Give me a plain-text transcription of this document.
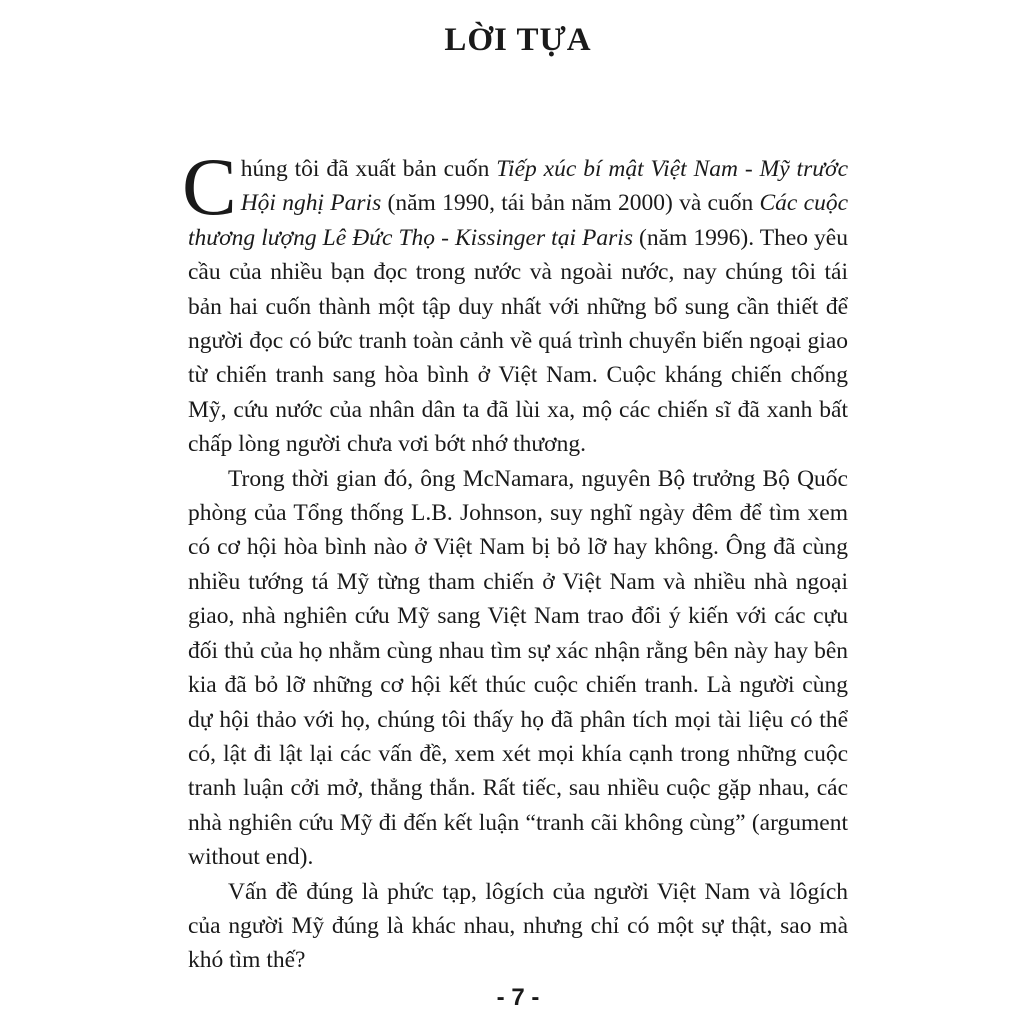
LỜI TỰA

Chúng tôi đã xuất bản cuốn Tiếp xúc bí mật Việt Nam - Mỹ trước Hội nghị Paris (năm 1990, tái bản năm 2000) và cuốn Các cuộc thương lượng Lê Đức Thọ - Kissinger tại Paris (năm 1996). Theo yêu cầu của nhiều bạn đọc trong nước và ngoài nước, nay chúng tôi tái bản hai cuốn thành một tập duy nhất với những bổ sung cần thiết để người đọc có bức tranh toàn cảnh về quá trình chuyển biến ngoại giao từ chiến tranh sang hòa bình ở Việt Nam. Cuộc kháng chiến chống Mỹ, cứu nước của nhân dân ta đã lùi xa, mộ các chiến sĩ đã xanh bất chấp lòng người chưa vơi bớt nhớ thương.

Trong thời gian đó, ông McNamara, nguyên Bộ trưởng Bộ Quốc phòng của Tổng thống L.B. Johnson, suy nghĩ ngày đêm để tìm xem có cơ hội hòa bình nào ở Việt Nam bị bỏ lỡ hay không. Ông đã cùng nhiều tướng tá Mỹ từng tham chiến ở Việt Nam và nhiều nhà ngoại giao, nhà nghiên cứu Mỹ sang Việt Nam trao đổi ý kiến với các cựu đối thủ của họ nhằm cùng nhau tìm sự xác nhận rằng bên này hay bên kia đã bỏ lỡ những cơ hội kết thúc cuộc chiến tranh. Là người cùng dự hội thảo với họ, chúng tôi thấy họ đã phân tích mọi tài liệu có thể có, lật đi lật lại các vấn đề, xem xét mọi khía cạnh trong những cuộc tranh luận cởi mở, thẳng thắn. Rất tiếc, sau nhiều cuộc gặp nhau, các nhà nghiên cứu Mỹ đi đến kết luận “tranh cãi không cùng” (argument without end).

Vấn đề đúng là phức tạp, lôgích của người Việt Nam và lôgích của người Mỹ đúng là khác nhau, nhưng chỉ có một sự thật, sao mà khó tìm thế?

- 7 -
